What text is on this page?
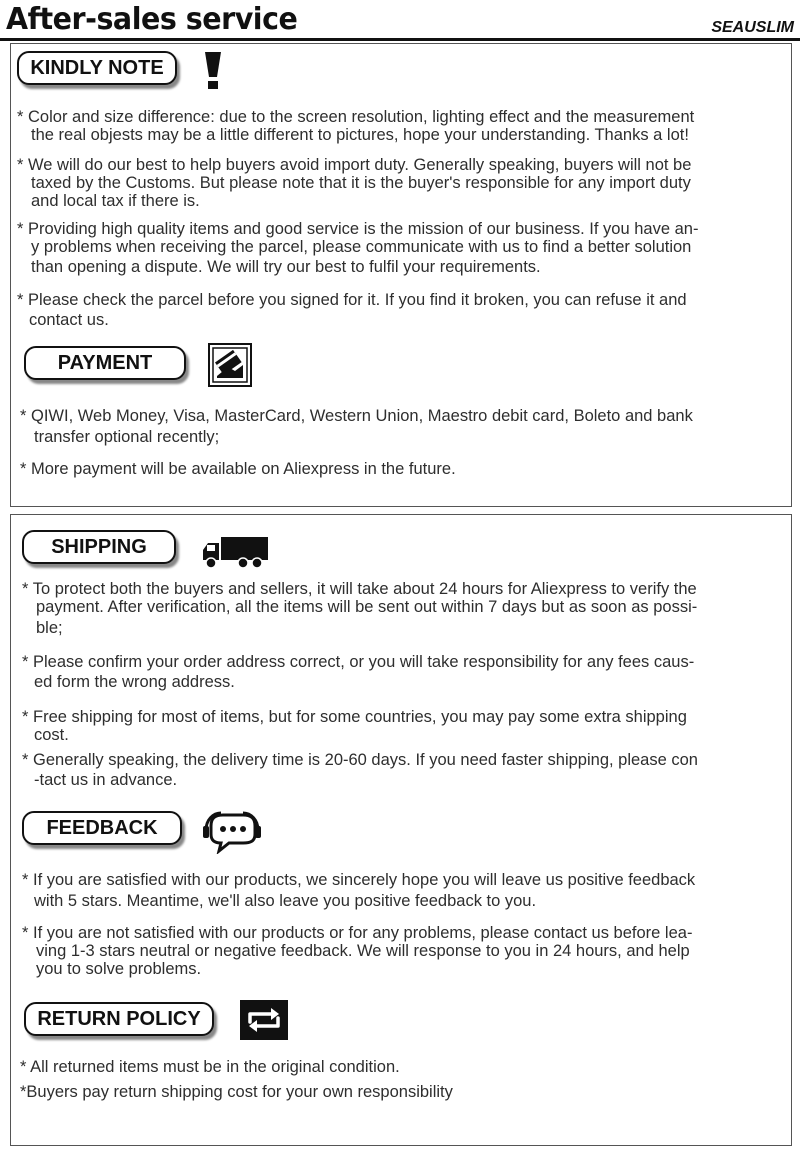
After-sales service	SEAUSLIM
KINDLY NOTE
* Color and size difference: due to the screen resolution, lighting effect and the measurement
the real objests may be a little different to pictures, hope your understanding. Thanks a lot!
* We will do our best to help buyers avoid import duty. Generally speaking, buyers will not be
taxed by the Customs. But please note that it is the buyer's responsible for any import duty
and local tax if there is.
* Providing high quality items and good service is the mission of our business. If you have an-
y problems when receiving the parcel, please communicate with us to find a better solution
than opening a dispute. We will try our best to fulfil your requirements.
* Please check the parcel before you signed for it. If you find it broken, you can refuse it and
contact us.
PAYMENT
* QIWI, Web Money, Visa, MasterCard, Western Union, Maestro debit card, Boleto and bank
transfer optional recently;
* More payment will be available on Aliexpress in the future.
SHIPPING
* To protect both the buyers and sellers, it will take about 24 hours for Aliexpress to verify the
payment. After verification, all the items will be sent out within 7 days but as soon as possi-
ble;
* Please confirm your order address correct, or you will take responsibility for any fees caus-
ed form the wrong address.
* Free shipping for most of items, but for some countries, you may pay some extra shipping
cost.
* Generally speaking, the delivery time is 20-60 days. If you need faster shipping, please con
-tact us in advance.
FEEDBACK
* If you are satisfied with our products, we sincerely hope you will leave us positive feedback
with 5 stars. Meantime, we'll also leave you positive feedback to you.
* If you are not satisfied with our products or for any problems, please contact us before lea-
ving 1-3 stars neutral or negative feedback. We will response to you in 24 hours, and help
you to solve problems.
RETURN POLICY
* All returned items must be in the original condition.
*Buyers pay return shipping cost for your own responsibility
